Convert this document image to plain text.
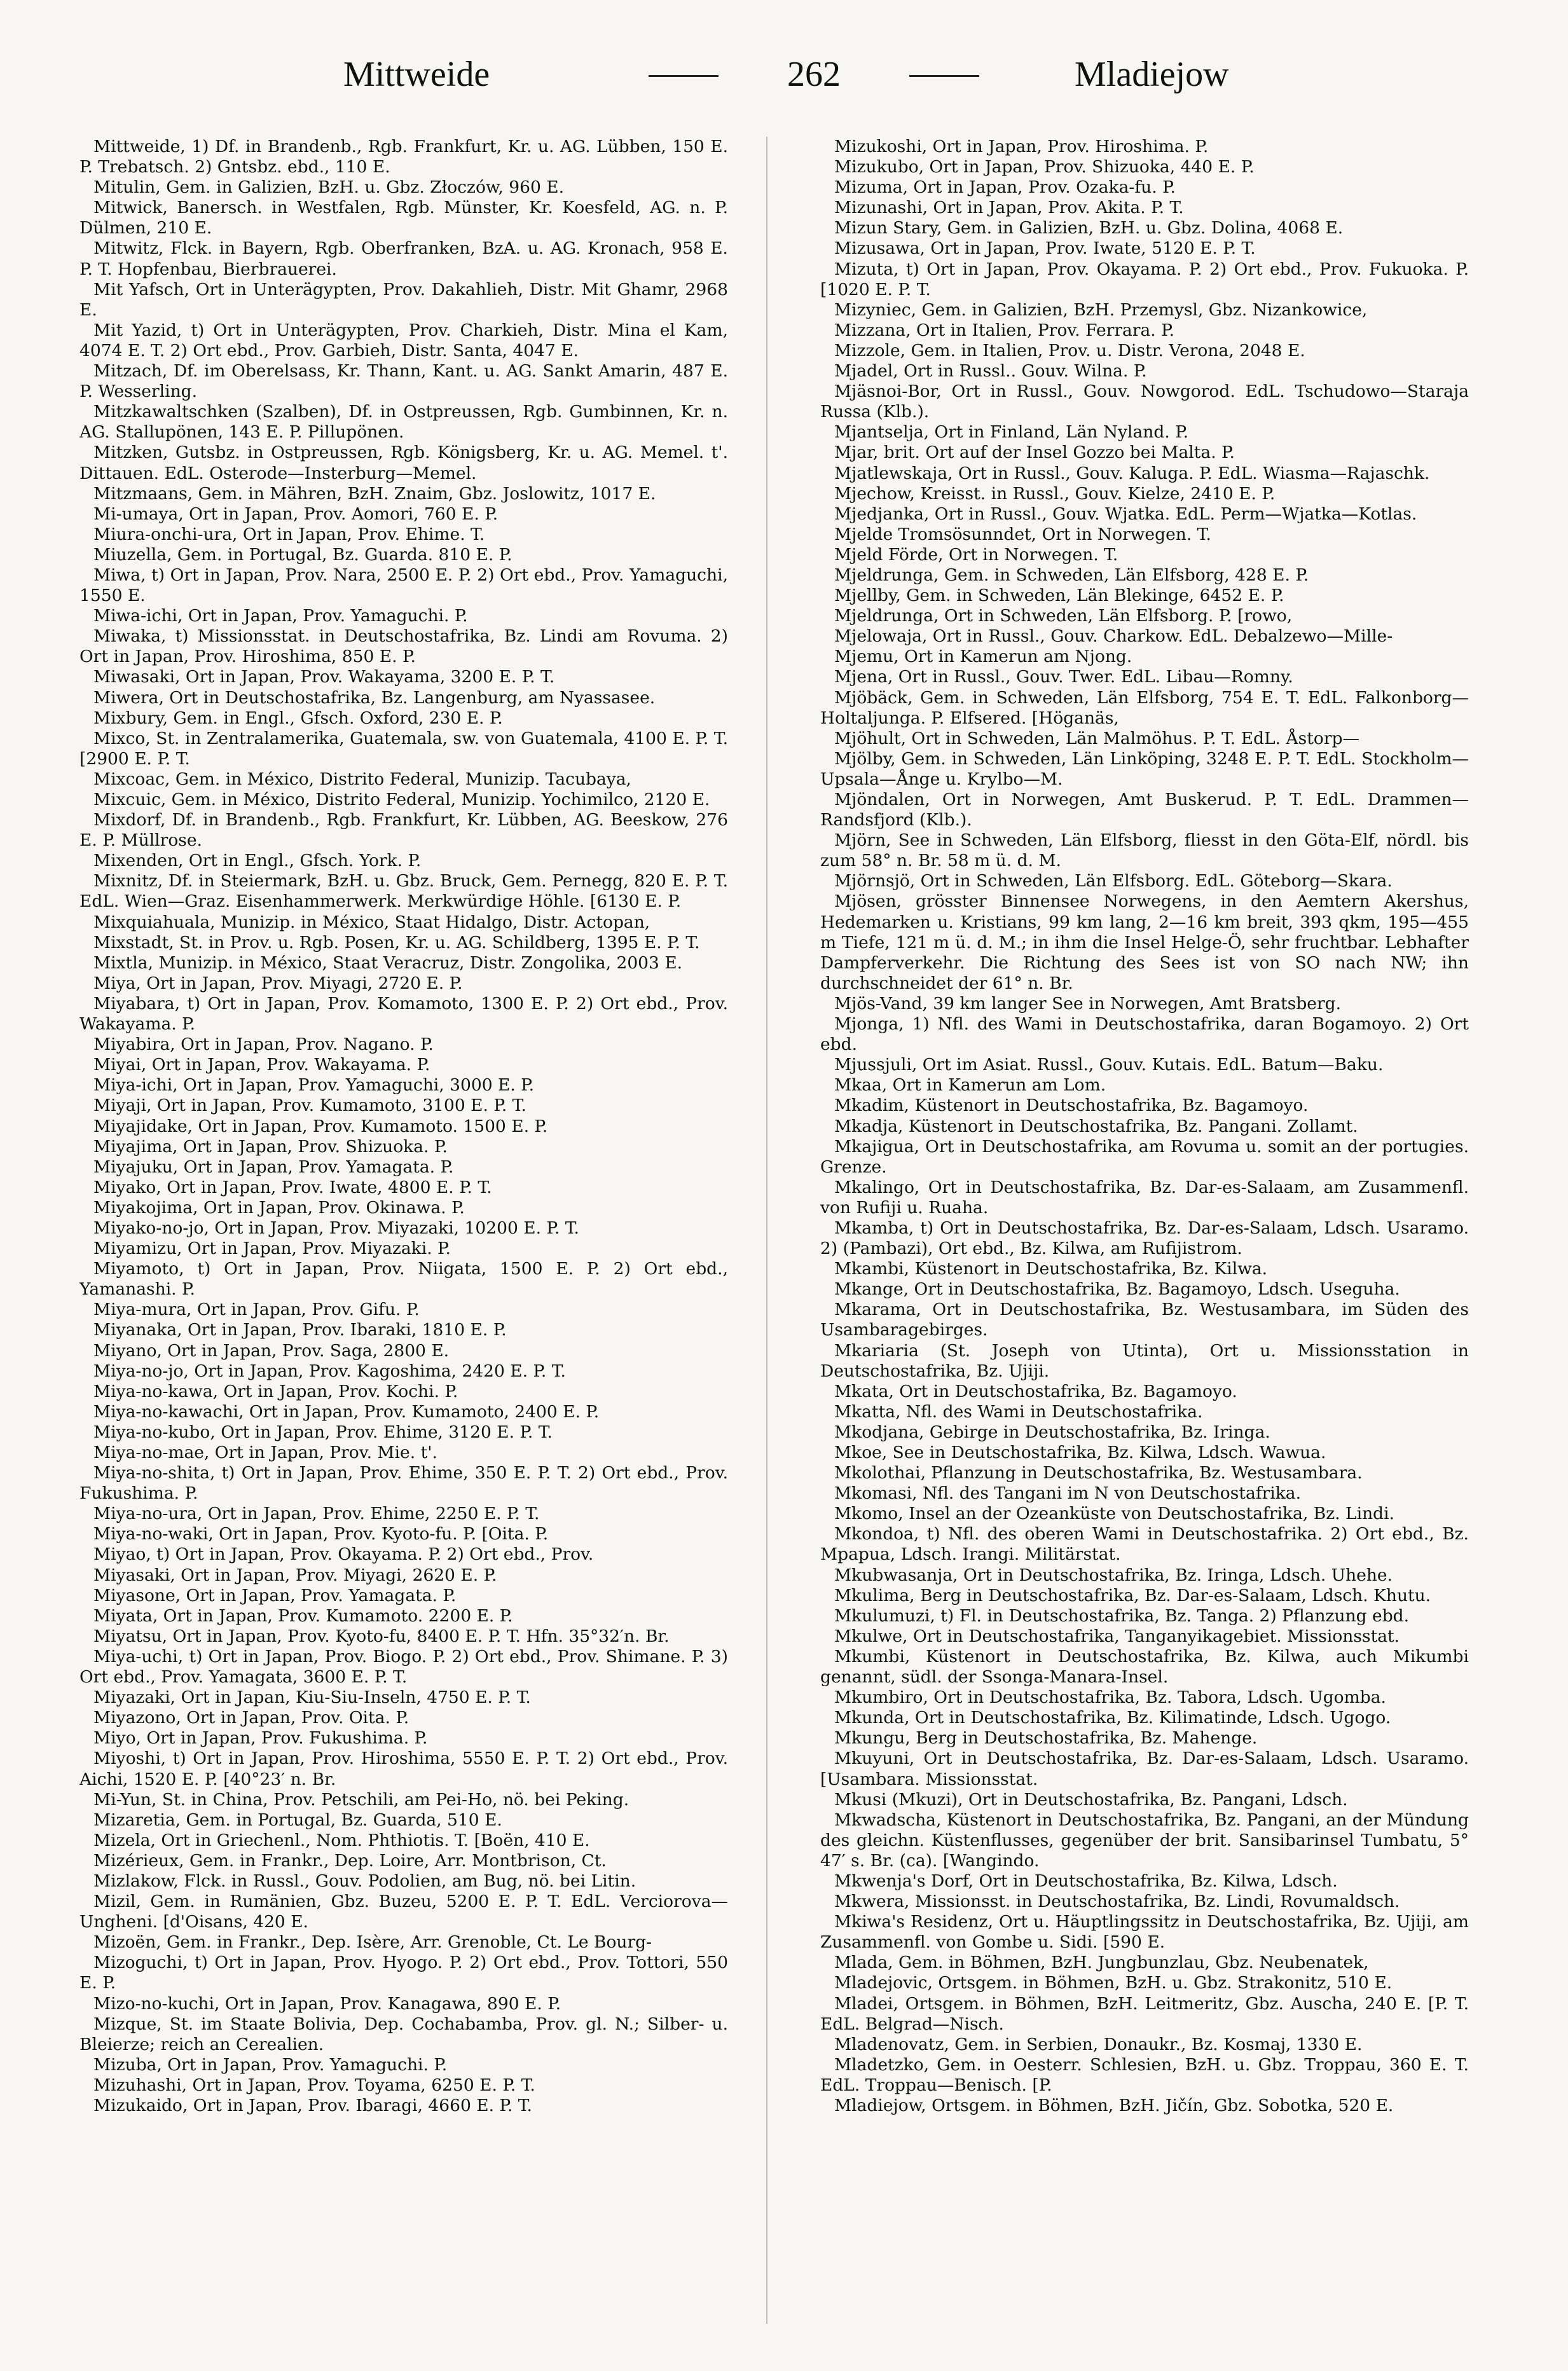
Mittweide	262	Mladiejow

Mittweide, 1) Df. in Brandenb., Rgb. Frankfurt, Kr. u. AG. Lübben, 150 E. P. Trebatsch. 2) Gntsbz. ebd., 110 E.

Mitulin, Gem. in Galizien, BzH. u. Gbz. Złoczów, 960 E.

Mitwick, Banersch. in Westfalen, Rgb. Münster, Kr. Koesfeld, AG. n. P. Dülmen, 210 E.

Mitwitz, Flck. in Bayern, Rgb. Oberfranken, BzA. u. AG. Kronach, 958 E. P. T. Hopfenbau, Bierbrauerei.

Mit Yafsch, Ort in Unterägypten, Prov. Dakahlieh, Distr. Mit Ghamr, 2968 E.

Mit Yazid, t) Ort in Unterägypten, Prov. Charkieh, Distr. Mina el Kam, 4074 E. T. 2) Ort ebd., Prov. Garbieh, Distr. Santa, 4047 E.

Mitzach, Df. im Oberelsass, Kr. Thann, Kant. u. AG. Sankt Amarin, 487 E. P. Wesserling.

Mitzkawaltschken (Szalben), Df. in Ostpreussen, Rgb. Gumbinnen, Kr. n. AG. Stallupönen, 143 E. P. Pillupönen.

Mitzken, Gutsbz. in Ostpreussen, Rgb. Königsberg, Kr. u. AG. Memel. t'. Dittauen. EdL. Osterode—Insterburg—Memel.

Mitzmaans, Gem. in Mähren, BzH. Znaim, Gbz. Joslowitz, 1017 E.

Mi-umaya, Ort in Japan, Prov. Aomori, 760 E. P.

Miura-onchi-ura, Ort in Japan, Prov. Ehime. T.

Miuzella, Gem. in Portugal, Bz. Guarda. 810 E. P.

Miwa, t) Ort in Japan, Prov. Nara, 2500 E. P. 2) Ort ebd., Prov. Yamaguchi, 1550 E.

Miwa-ichi, Ort in Japan, Prov. Yamaguchi. P.

Miwaka, t) Missionsstat. in Deutschostafrika, Bz. Lindi am Rovuma. 2) Ort in Japan, Prov. Hiroshima, 850 E. P.

Miwasaki, Ort in Japan, Prov. Wakayama, 3200 E. P. T.

Miwera, Ort in Deutschostafrika, Bz. Langenburg, am Nyassasee.

Mixbury, Gem. in Engl., Gfsch. Oxford, 230 E. P.

Mixco, St. in Zentralamerika, Guatemala, sw. von Guatemala, 4100 E. P. T. [2900 E. P. T.

Mixcoac, Gem. in México, Distrito Federal, Munizip. Tacubaya,

Mixcuic, Gem. in México, Distrito Federal, Munizip. Yochimilco, 2120 E.

Mixdorf, Df. in Brandenb., Rgb. Frankfurt, Kr. Lübben, AG. Beeskow, 276 E. P. Müllrose.

Mixenden, Ort in Engl., Gfsch. York. P.

Mixnitz, Df. in Steiermark, BzH. u. Gbz. Bruck, Gem. Pernegg, 820 E. P. T. EdL. Wien—Graz. Eisenhammerwerk. Merkwürdige Höhle. [6130 E. P.

Mixquiahuala, Munizip. in México, Staat Hidalgo, Distr. Actopan,

Mixstadt, St. in Prov. u. Rgb. Posen, Kr. u. AG. Schildberg, 1395 E. P. T.

Mixtla, Munizip. in México, Staat Veracruz, Distr. Zongolika, 2003 E.

Miya, Ort in Japan, Prov. Miyagi, 2720 E. P.

Miyabara, t) Ort in Japan, Prov. Komamoto, 1300 E. P. 2) Ort ebd., Prov. Wakayama. P.

Miyabira, Ort in Japan, Prov. Nagano. P.

Miyai, Ort in Japan, Prov. Wakayama. P.

Miya-ichi, Ort in Japan, Prov. Yamaguchi, 3000 E. P.

Miyaji, Ort in Japan, Prov. Kumamoto, 3100 E. P. T.

Miyajidake, Ort in Japan, Prov. Kumamoto. 1500 E. P.

Miyajima, Ort in Japan, Prov. Shizuoka. P.

Miyajuku, Ort in Japan, Prov. Yamagata. P.

Miyako, Ort in Japan, Prov. Iwate, 4800 E. P. T.

Miyakojima, Ort in Japan, Prov. Okinawa. P.

Miyako-no-jo, Ort in Japan, Prov. Miyazaki, 10200 E. P. T.

Miyamizu, Ort in Japan, Prov. Miyazaki. P.

Miyamoto, t) Ort in Japan, Prov. Niigata, 1500 E. P. 2) Ort ebd., Yamanashi. P.

Miya-mura, Ort in Japan, Prov. Gifu. P.

Miyanaka, Ort in Japan, Prov. Ibaraki, 1810 E. P.

Miyano, Ort in Japan, Prov. Saga, 2800 E.

Miya-no-jo, Ort in Japan, Prov. Kagoshima, 2420 E. P. T.

Miya-no-kawa, Ort in Japan, Prov. Kochi. P.

Miya-no-kawachi, Ort in Japan, Prov. Kumamoto, 2400 E. P.

Miya-no-kubo, Ort in Japan, Prov. Ehime, 3120 E. P. T.

Miya-no-mae, Ort in Japan, Prov. Mie. t'.

Miya-no-shita, t) Ort in Japan, Prov. Ehime, 350 E. P. T. 2) Ort ebd., Prov. Fukushima. P.

Miya-no-ura, Ort in Japan, Prov. Ehime, 2250 E. P. T.

Miya-no-waki, Ort in Japan, Prov. Kyoto-fu. P. [Oita. P.

Miyao, t) Ort in Japan, Prov. Okayama. P. 2) Ort ebd., Prov.

Miyasaki, Ort in Japan, Prov. Miyagi, 2620 E. P.

Miyasone, Ort in Japan, Prov. Yamagata. P.

Miyata, Ort in Japan, Prov. Kumamoto. 2200 E. P.

Miyatsu, Ort in Japan, Prov. Kyoto-fu, 8400 E. P. T. Hfn. 35°32′n. Br.

Miya-uchi, t) Ort in Japan, Prov. Biogo. P. 2) Ort ebd., Prov. Shimane. P. 3) Ort ebd., Prov. Yamagata, 3600 E. P. T.

Miyazaki, Ort in Japan, Kiu-Siu-Inseln, 4750 E. P. T.

Miyazono, Ort in Japan, Prov. Oita. P.

Miyo, Ort in Japan, Prov. Fukushima. P.

Miyoshi, t) Ort in Japan, Prov. Hiroshima, 5550 E. P. T. 2) Ort ebd., Prov. Aichi, 1520 E. P. [40°23′ n. Br.

Mi-Yun, St. in China, Prov. Petschili, am Pei-Ho, nö. bei Peking.

Mizaretia, Gem. in Portugal, Bz. Guarda, 510 E.

Mizela, Ort in Griechenl., Nom. Phthiotis. T. [Boën, 410 E.

Mizérieux, Gem. in Frankr., Dep. Loire, Arr. Montbrison, Ct.

Mizlakow, Flck. in Russl., Gouv. Podolien, am Bug, nö. bei Litin.

Mizil, Gem. in Rumänien, Gbz. Buzeu, 5200 E. P. T. EdL. Verciorova—Ungheni. [d'Oisans, 420 E.

Mizoën, Gem. in Frankr., Dep. Isère, Arr. Grenoble, Ct. Le Bourg-

Mizoguchi, t) Ort in Japan, Prov. Hyogo. P. 2) Ort ebd., Prov. Tottori, 550 E. P.

Mizo-no-kuchi, Ort in Japan, Prov. Kanagawa, 890 E. P.

Mizque, St. im Staate Bolivia, Dep. Cochabamba, Prov. gl. N.; Silber- u. Bleierze; reich an Cerealien.

Mizuba, Ort in Japan, Prov. Yamaguchi. P.

Mizuhashi, Ort in Japan, Prov. Toyama, 6250 E. P. T.

Mizukaido, Ort in Japan, Prov. Ibaragi, 4660 E. P. T.

Mizukoshi, Ort in Japan, Prov. Hiroshima. P.

Mizukubo, Ort in Japan, Prov. Shizuoka, 440 E. P.

Mizuma, Ort in Japan, Prov. Ozaka-fu. P.

Mizunashi, Ort in Japan, Prov. Akita. P. T.

Mizun Stary, Gem. in Galizien, BzH. u. Gbz. Dolina, 4068 E.

Mizusawa, Ort in Japan, Prov. Iwate, 5120 E. P. T.

Mizuta, t) Ort in Japan, Prov. Okayama. P. 2) Ort ebd., Prov. Fukuoka. P. [1020 E. P. T.

Mizyniec, Gem. in Galizien, BzH. Przemysl, Gbz. Nizankowice,

Mizzana, Ort in Italien, Prov. Ferrara. P.

Mizzole, Gem. in Italien, Prov. u. Distr. Verona, 2048 E.

Mjadel, Ort in Russl.. Gouv. Wilna. P.

Mjäsnoi-Bor, Ort in Russl., Gouv. Nowgorod. EdL. Tschudowo—Staraja Russa (Klb.).

Mjantselja, Ort in Finland, Län Nyland. P.

Mjar, brit. Ort auf der Insel Gozzo bei Malta. P.

Mjatlewskaja, Ort in Russl., Gouv. Kaluga. P. EdL. Wiasma—Rajaschk.

Mjechow, Kreisst. in Russl., Gouv. Kielze, 2410 E. P.

Mjedjanka, Ort in Russl., Gouv. Wjatka. EdL. Perm—Wjatka—Kotlas.

Mjelde Tromsösunndet, Ort in Norwegen. T.

Mjeld Förde, Ort in Norwegen. T.

Mjeldrunga, Gem. in Schweden, Län Elfsborg, 428 E. P.

Mjellby, Gem. in Schweden, Län Blekinge, 6452 E. P.

Mjeldrunga, Ort in Schweden, Län Elfsborg. P. [rowo,

Mjelowaja, Ort in Russl., Gouv. Charkow. EdL. Debalzewo—Mille-

Mjemu, Ort in Kamerun am Njong.

Mjena, Ort in Russl., Gouv. Twer. EdL. Libau—Romny.

Mjöbäck, Gem. in Schweden, Län Elfsborg, 754 E. T. EdL. Falkonborg—Holtaljunga. P. Elfsered. [Höganäs,

Mjöhult, Ort in Schweden, Län Malmöhus. P. T. EdL. Åstorp—

Mjölby, Gem. in Schweden, Län Linköping, 3248 E. P. T. EdL. Stockholm—Upsala—Ånge u. Krylbo—M.

Mjöndalen, Ort in Norwegen, Amt Buskerud. P. T. EdL. Drammen—Randsfjord (Klb.).

Mjörn, See in Schweden, Län Elfsborg, fliesst in den Göta-Elf, nördl. bis zum 58° n. Br. 58 m ü. d. M.

Mjörnsjö, Ort in Schweden, Län Elfsborg. EdL. Göteborg—Skara.

Mjösen, grösster Binnensee Norwegens, in den Aemtern Akershus, Hedemarken u. Kristians, 99 km lang, 2—16 km breit, 393 qkm, 195—455 m Tiefe, 121 m ü. d. M.; in ihm die Insel Helge-Ö, sehr fruchtbar. Lebhafter Dampferverkehr. Die Richtung des Sees ist von SO nach NW; ihn durchschneidet der 61° n. Br.

Mjös-Vand, 39 km langer See in Norwegen, Amt Bratsberg.

Mjonga, 1) Nfl. des Wami in Deutschostafrika, daran Bogamoyo. 2) Ort ebd.

Mjussjuli, Ort im Asiat. Russl., Gouv. Kutais. EdL. Batum—Baku.

Mkaa, Ort in Kamerun am Lom.

Mkadim, Küstenort in Deutschostafrika, Bz. Bagamoyo.

Mkadja, Küstenort in Deutschostafrika, Bz. Pangani. Zollamt.

Mkajigua, Ort in Deutschostafrika, am Rovuma u. somit an der portugies. Grenze.

Mkalingo, Ort in Deutschostafrika, Bz. Dar-es-Salaam, am Zusammenfl. von Rufiji u. Ruaha.

Mkamba, t) Ort in Deutschostafrika, Bz. Dar-es-Salaam, Ldsch. Usaramo. 2) (Pambazi), Ort ebd., Bz. Kilwa, am Rufijistrom.

Mkambi, Küstenort in Deutschostafrika, Bz. Kilwa.

Mkange, Ort in Deutschostafrika, Bz. Bagamoyo, Ldsch. Useguha.

Mkarama, Ort in Deutschostafrika, Bz. Westusambara, im Süden des Usambaragebirges.

Mkariaria (St. Joseph von Utinta), Ort u. Missionsstation in Deutschostafrika, Bz. Ujiji.

Mkata, Ort in Deutschostafrika, Bz. Bagamoyo.

Mkatta, Nfl. des Wami in Deutschostafrika.

Mkodjana, Gebirge in Deutschostafrika, Bz. Iringa.

Mkoe, See in Deutschostafrika, Bz. Kilwa, Ldsch. Wawua.

Mkolothai, Pflanzung in Deutschostafrika, Bz. Westusambara.

Mkomasi, Nfl. des Tangani im N von Deutschostafrika.

Mkomo, Insel an der Ozeanküste von Deutschostafrika, Bz. Lindi.

Mkondoa, t) Nfl. des oberen Wami in Deutschostafrika. 2) Ort ebd., Bz. Mpapua, Ldsch. Irangi. Militärstat.

Mkubwasanja, Ort in Deutschostafrika, Bz. Iringa, Ldsch. Uhehe.

Mkulima, Berg in Deutschostafrika, Bz. Dar-es-Salaam, Ldsch. Khutu.

Mkulumuzi, t) Fl. in Deutschostafrika, Bz. Tanga. 2) Pflanzung ebd.

Mkulwe, Ort in Deutschostafrika, Tanganyikagebiet. Missionsstat.

Mkumbi, Küstenort in Deutschostafrika, Bz. Kilwa, auch Mikumbi genannt, südl. der Ssonga-Manara-Insel.

Mkumbiro, Ort in Deutschostafrika, Bz. Tabora, Ldsch. Ugomba.

Mkunda, Ort in Deutschostafrika, Bz. Kilimatinde, Ldsch. Ugogo.

Mkungu, Berg in Deutschostafrika, Bz. Mahenge.

Mkuyuni, Ort in Deutschostafrika, Bz. Dar-es-Salaam, Ldsch. Usaramo. [Usambara. Missionsstat.

Mkusi (Mkuzi), Ort in Deutschostafrika, Bz. Pangani, Ldsch.

Mkwadscha, Küstenort in Deutschostafrika, Bz. Pangani, an der Mündung des gleichn. Küstenflusses, gegenüber der brit. Sansibarinsel Tumbatu, 5° 47′ s. Br. (ca). [Wangindo.

Mkwenja's Dorf, Ort in Deutschostafrika, Bz. Kilwa, Ldsch.

Mkwera, Missionsst. in Deutschostafrika, Bz. Lindi, Rovumaldsch.

Mkiwa's Residenz, Ort u. Häuptlingssitz in Deutschostafrika, Bz. Ujiji, am Zusammenfl. von Gombe u. Sidi. [590 E.

Mlada, Gem. in Böhmen, BzH. Jungbunzlau, Gbz. Neubenatek,

Mladejovic, Ortsgem. in Böhmen, BzH. u. Gbz. Strakonitz, 510 E.

Mladei, Ortsgem. in Böhmen, BzH. Leitmeritz, Gbz. Auscha, 240 E. [P. T. EdL. Belgrad—Nisch.

Mladenovatz, Gem. in Serbien, Donaukr., Bz. Kosmaj, 1330 E.

Mladetzko, Gem. in Oesterr. Schlesien, BzH. u. Gbz. Troppau, 360 E. T. EdL. Troppau—Benisch. [P.

Mladiejow, Ortsgem. in Böhmen, BzH. Jičín, Gbz. Sobotka, 520 E.
